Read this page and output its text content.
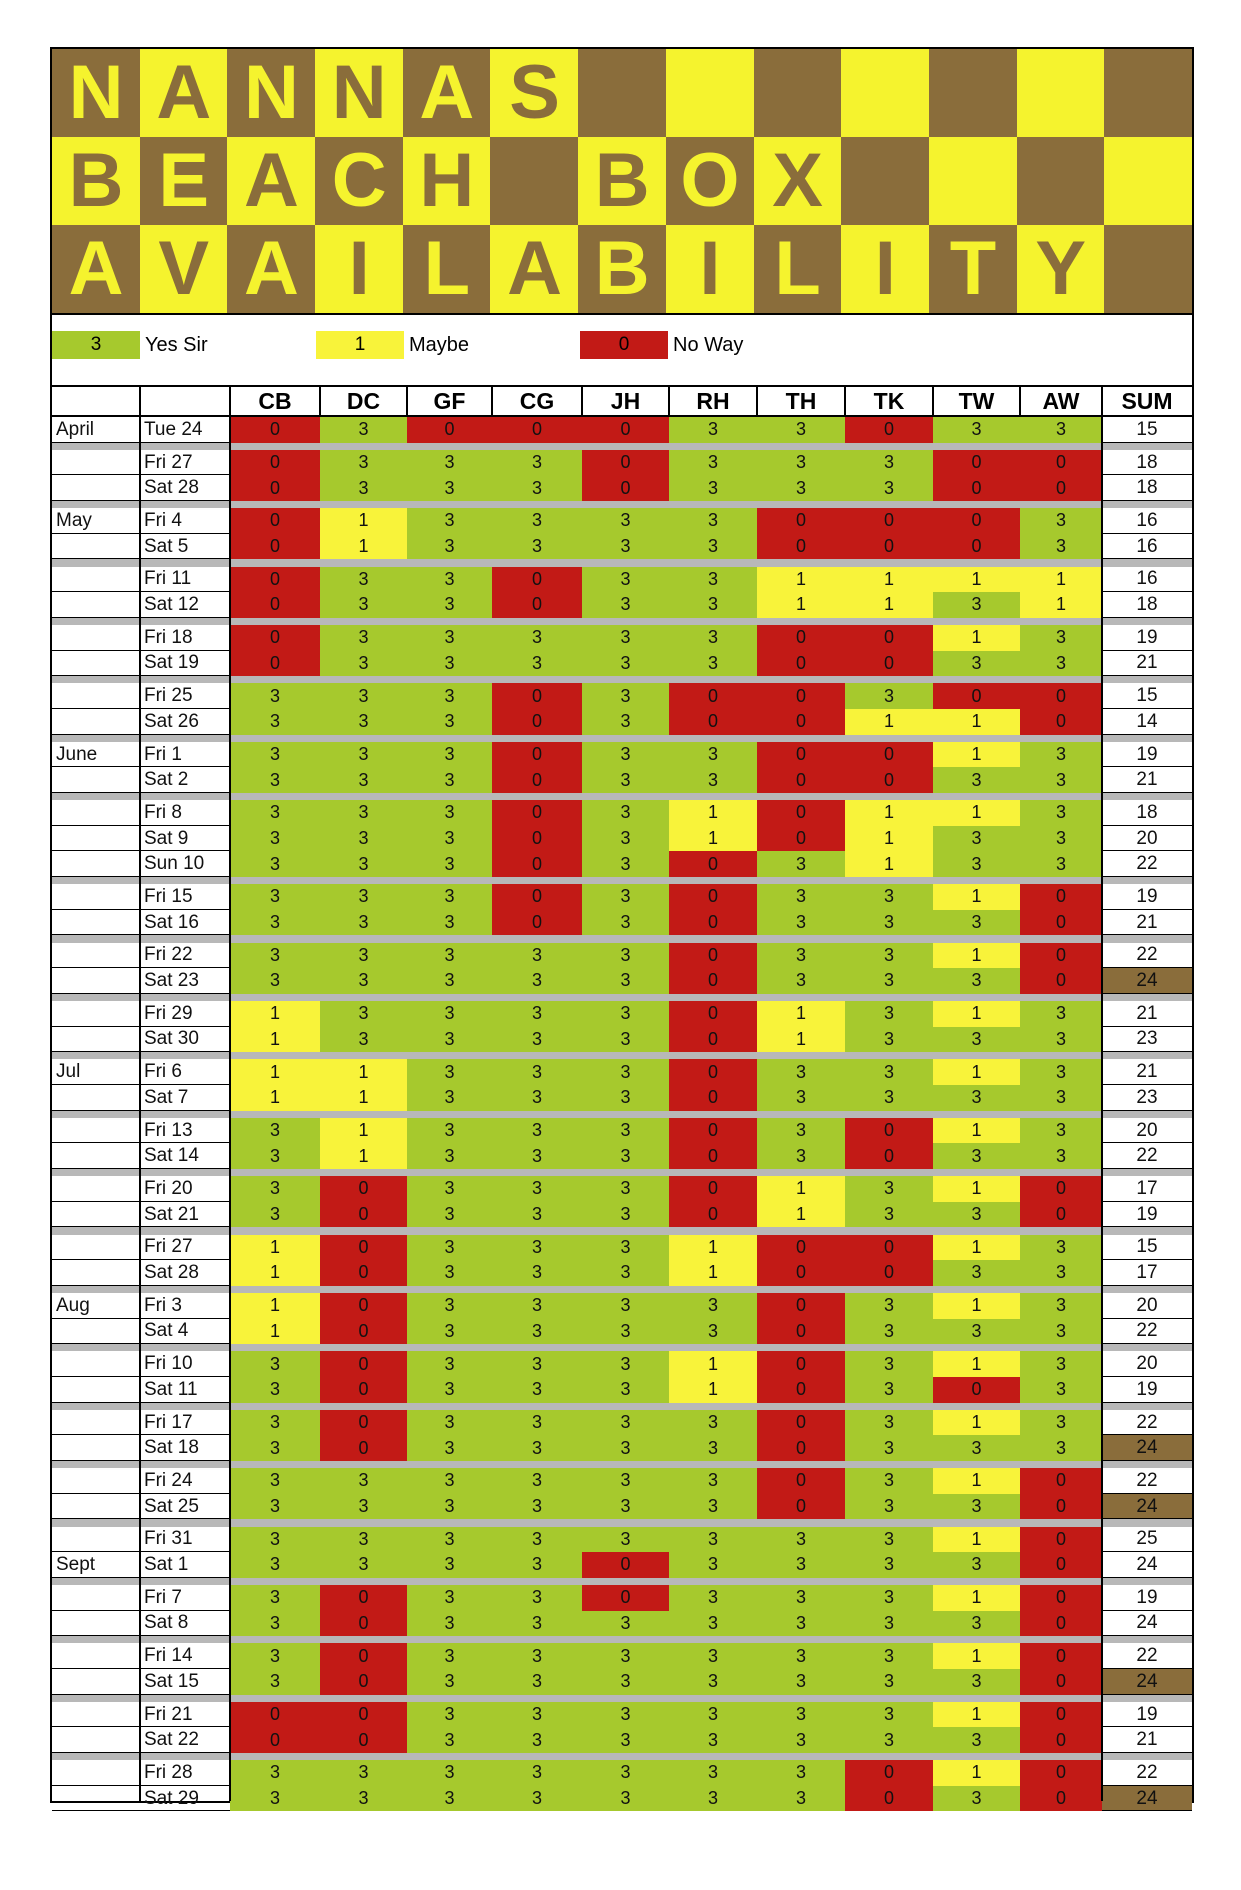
N A N N A S
B E A C H B O X
A V A I L A B I L I T Y
3	Yes Sir	1	Maybe	0	No Way
CB	DC	GF	CG	JH	RH	TH	TK	TW	AW	SUM
April	Tue 24	0	3	0	0	0	3	3	0	3	3	15
Fri 27	0	3	3	3	0	3	3	3	0	0	18
Sat 28	0	3	3	3	0	3	3	3	0	0	18
May	Fri 4	0	1	3	3	3	3	0	0	0	3	16
Sat 5	0	1	3	3	3	3	0	0	0	3	16
Fri 11	0	3	3	0	3	3	1	1	1	1	16
Sat 12	0	3	3	0	3	3	1	1	3	1	18
Fri 18	0	3	3	3	3	3	0	0	1	3	19
Sat 19	0	3	3	3	3	3	0	0	3	3	21
Fri 25	3	3	3	0	3	0	0	3	0	0	15
Sat 26	3	3	3	0	3	0	0	1	1	0	14
June	Fri 1	3	3	3	0	3	3	0	0	1	3	19
Sat 2	3	3	3	0	3	3	0	0	3	3	21
Fri 8	3	3	3	0	3	1	0	1	1	3	18
Sat 9	3	3	3	0	3	1	0	1	3	3	20
Sun 10	3	3	3	0	3	0	3	1	3	3	22
Fri 15	3	3	3	0	3	0	3	3	1	0	19
Sat 16	3	3	3	0	3	0	3	3	3	0	21
Fri 22	3	3	3	3	3	0	3	3	1	0	22
Sat 23	3	3	3	3	3	0	3	3	3	0	24
Fri 29	1	3	3	3	3	0	1	3	1	3	21
Sat 30	1	3	3	3	3	0	1	3	3	3	23
Jul	Fri 6	1	1	3	3	3	0	3	3	1	3	21
Sat 7	1	1	3	3	3	0	3	3	3	3	23
Fri 13	3	1	3	3	3	0	3	0	1	3	20
Sat 14	3	1	3	3	3	0	3	0	3	3	22
Fri 20	3	0	3	3	3	0	1	3	1	0	17
Sat 21	3	0	3	3	3	0	1	3	3	0	19
Fri 27	1	0	3	3	3	1	0	0	1	3	15
Sat 28	1	0	3	3	3	1	0	0	3	3	17
Aug	Fri 3	1	0	3	3	3	3	0	3	1	3	20
Sat 4	1	0	3	3	3	3	0	3	3	3	22
Fri 10	3	0	3	3	3	1	0	3	1	3	20
Sat 11	3	0	3	3	3	1	0	3	0	3	19
Fri 17	3	0	3	3	3	3	0	3	1	3	22
Sat 18	3	0	3	3	3	3	0	3	3	3	24
Fri 24	3	3	3	3	3	3	0	3	1	0	22
Sat 25	3	3	3	3	3	3	0	3	3	0	24
Fri 31	3	3	3	3	3	3	3	3	1	0	25
Sept	Sat 1	3	3	3	3	0	3	3	3	3	0	24
Fri 7	3	0	3	3	0	3	3	3	1	0	19
Sat 8	3	0	3	3	3	3	3	3	3	0	24
Fri 14	3	0	3	3	3	3	3	3	1	0	22
Sat 15	3	0	3	3	3	3	3	3	3	0	24
Fri 21	0	0	3	3	3	3	3	3	1	0	19
Sat 22	0	0	3	3	3	3	3	3	3	0	21
Fri 28	3	3	3	3	3	3	3	0	1	0	22
Sat 29	3	3	3	3	3	3	3	0	3	0	24
